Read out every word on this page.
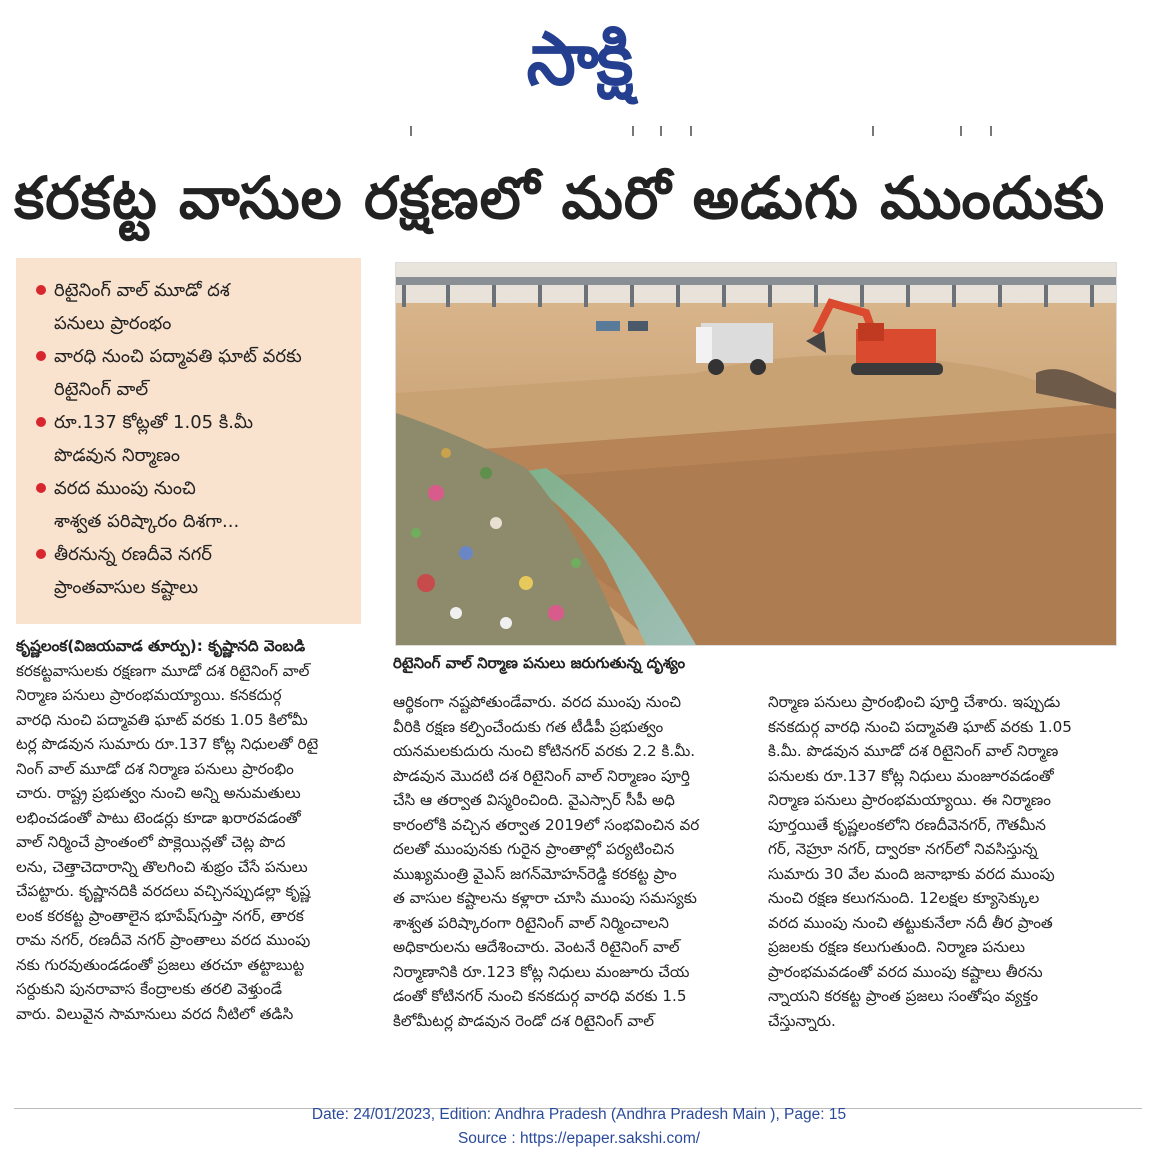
సాక్షి
కరకట్ట వాసుల రక్షణలో మరో అడుగు ముందుకు
రిటైనింగ్ వాల్ మూడో దశ
పనులు ప్రారంభం
వారధి నుంచి పద్మావతి ఘాట్ వరకు
రిటైనింగ్ వాల్
రూ.137 కోట్లతో 1.05 కి.మీ
పొడవున నిర్మాణం
వరద ముంపు నుంచి
శాశ్వత పరిష్కారం దిశగా...
తీరనున్న రణదీవె నగర్
ప్రాంతవాసుల కష్టాలు
రిటైనింగ్ వాల్ నిర్మాణ పనులు జరుగుతున్న దృశ్యం
కృష్ణలంక(విజయవాడ తూర్పు): కృష్ణానది వెంబడి
కరకట్టవాసులకు రక్షణగా మూడో దశ రిటైనింగ్ వాల్
నిర్మాణ పనులు ప్రారంభమయ్యాయి. కనకదుర్గ
వారధి నుంచి పద్మావతి ఘాట్ వరకు 1.05 కిలోమీ
టర్ల పొడవున సుమారు రూ.137 కోట్ల నిధులతో రిటై
నింగ్ వాల్ మూడో దశ నిర్మాణ పనులు ప్రారంభిం
చారు. రాష్ట్ర ప్రభుత్వం నుంచి అన్ని అనుమతులు
లభించడంతో పాటు టెండర్లు కూడా ఖరారవడంతో
వాల్ నిర్మించే ప్రాంతంలో పొక్లెయిన్లతో చెట్ల పొద
లను, చెత్తాచెదారాన్ని తొలగించి శుభ్రం చేసే పనులు
చేపట్టారు. కృష్ణానదికి వరదలు వచ్చినప్పుడల్లా కృష్ణ
లంక కరకట్ట ప్రాంతాలైన భూపేష్‌గుప్తా నగర్, తారక
రామ నగర్, రణదీవె నగర్ ప్రాంతాలు వరద ముంపు
నకు గురవుతుండడంతో ప్రజలు తరచూ తట్టాబుట్ట
సర్దుకుని పునరావాస కేంద్రాలకు తరలి వెళ్తుండే
వారు. విలువైన సామానులు వరద నీటిలో తడిసి
ఆర్థికంగా నష్టపోతుండేవారు. వరద ముంపు నుంచి
వీరికి రక్షణ కల్పించేందుకు గత టీడీపీ ప్రభుత్వం
యనమలకుదురు నుంచి కోటినగర్ వరకు 2.2 కి.మీ.
పొడవున మొదటి దశ రిటైనింగ్ వాల్ నిర్మాణం పూర్తి
చేసి ఆ తర్వాత విస్మరించింది. వైఎస్సార్ సీపీ అధి
కారంలోకి వచ్చిన తర్వాత 2019లో సంభవించిన వర
దలతో ముంపునకు గురైన ప్రాంతాల్లో పర్యటించిన
ముఖ్యమంత్రి వైఎస్ జగన్‌మోహన్‌రెడ్డి కరకట్ట ప్రాం
త వాసుల కష్టాలను కళ్లారా చూసి ముంపు సమస్యకు
శాశ్వత పరిష్కారంగా రిటైనింగ్ వాల్ నిర్మించాలని
అధికారులను ఆదేశించారు. వెంటనే రిటైనింగ్ వాల్
నిర్మాణానికి రూ.123 కోట్ల నిధులు మంజూరు చేయ
డంతో కోటినగర్ నుంచి కనకదుర్గ వారధి వరకు 1.5
కిలోమీటర్ల పొడవున రెండో దశ రిటైనింగ్ వాల్
నిర్మాణ పనులు ప్రారంభించి పూర్తి చేశారు. ఇప్పుడు
కనకదుర్గ వారధి నుంచి పద్మావతి ఘాట్ వరకు 1.05
కి.మీ. పొడవున మూడో దశ రిటైనింగ్ వాల్ నిర్మాణ
పనులకు రూ.137 కోట్ల నిధులు మంజూరవడంతో
నిర్మాణ పనులు ప్రారంభమయ్యాయి. ఈ నిర్మాణం
పూర్తయితే కృష్ణలంకలోని రణదీవెనగర్, గౌతమీన
గర్, నెహ్రూ నగర్, ద్వారకా నగర్‌లో నివసిస్తున్న
సుమారు 30 వేల మంది జనాభాకు వరద ముంపు
నుంచి రక్షణ కలుగనుంది. 12లక్షల క్యూసెక్కుల
వరద ముంపు నుంచి తట్టుకునేలా నదీ తీర ప్రాంత
ప్రజలకు రక్షణ కలుగుతుంది. నిర్మాణ పనులు
ప్రారంభమవడంతో వరద ముంపు కష్టాలు తీరను
న్నాయని కరకట్ట ప్రాంత ప్రజలు సంతోషం వ్యక్తం
చేస్తున్నారు.
Date: 24/01/2023, Edition: Andhra Pradesh (Andhra Pradesh Main ), Page: 15
Source : https://epaper.sakshi.com/
